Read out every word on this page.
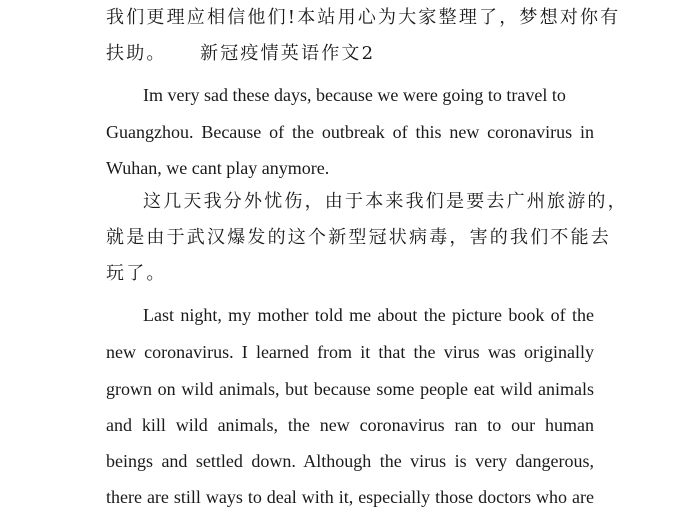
我们更理应相信他们!本站用心为大家整理了，梦想对你有
扶助。 新冠疫情英语作文2
Im very sad these days, because we were going to travel to
Guangzhou. Because of the outbreak of this new coronavirus in
Wuhan, we cant play anymore.
这几天我分外忧伤，由于本来我们是要去广州旅游的，
就是由于武汉爆发的这个新型冠状病毒，害的我们不能去
玩了。
Last night, my mother told me about the picture book of the
new coronavirus. I learned from it that the virus was originally
grown on wild animals, but because some people eat wild animals
and kill wild animals, the new coronavirus ran to our human
beings and settled down. Although the virus is very dangerous,
there are still ways to deal with it, especially those doctors who are
